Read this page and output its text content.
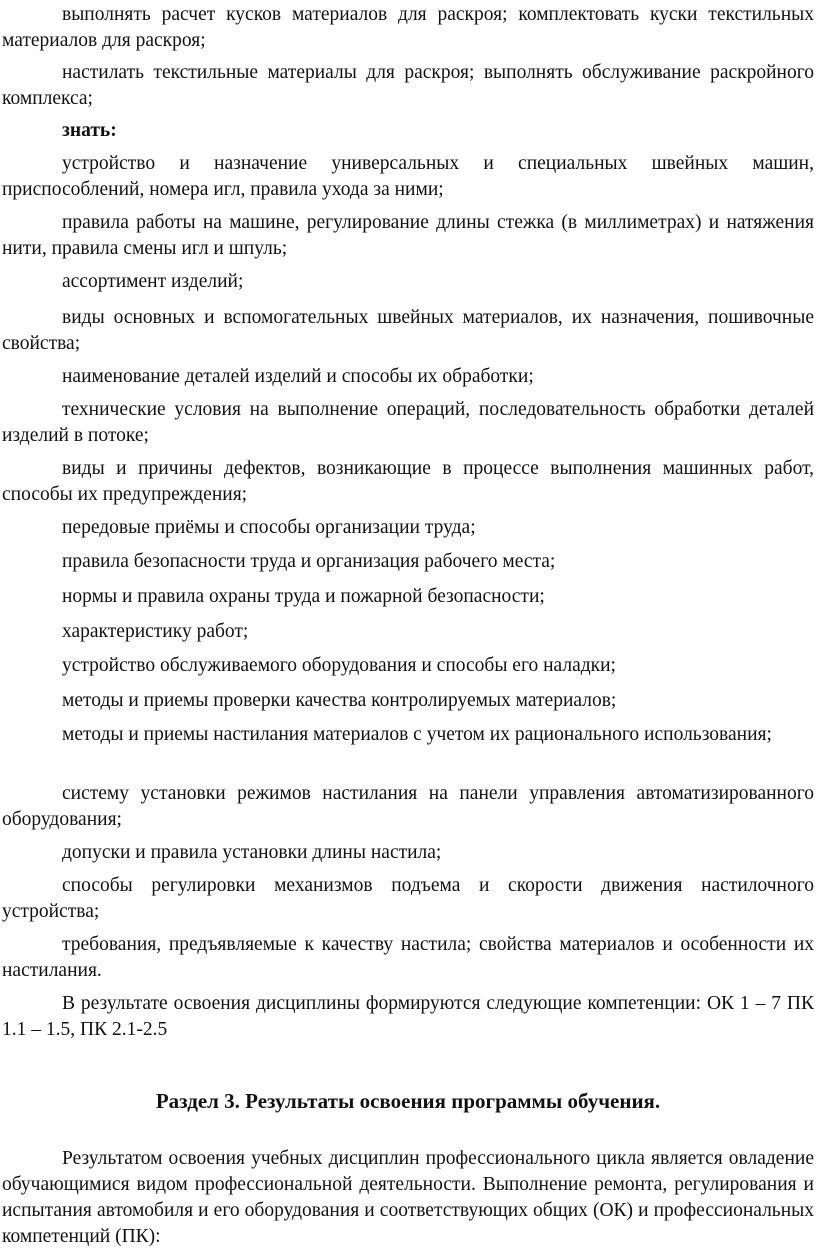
выполнять расчет кусков материалов для раскроя; комплектовать куски текстильных материалов для раскроя;

настилать текстильные материалы для раскроя; выполнять обслуживание раскройного комплекса;

знать:

устройство и назначение универсальных и специальных швейных машин, приспособлений, номера игл, правила ухода за ними;

правила работы на машине, регулирование длины стежка (в миллиметрах) и натяжения нити, правила смены игл и шпуль;

ассортимент изделий;

виды основных и вспомогательных швейных материалов, их назначения, пошивочные свойства;

наименование деталей изделий и способы их обработки;

технические условия на выполнение операций, последовательность обработки деталей изделий в потоке;

виды и причины дефектов, возникающие в процессе выполнения машинных работ, способы их предупреждения;

передовые приёмы и способы организации труда;

правила безопасности труда и организация рабочего места;

нормы и правила охраны труда и пожарной безопасности;

характеристику работ;

устройство обслуживаемого оборудования и способы его наладки;

методы и приемы проверки качества контролируемых материалов;

методы и приемы настилания материалов с учетом их рационального использования;

систему установки режимов настилания на панели управления автоматизированного оборудования;

допуски и правила установки длины настила;

способы регулировки механизмов подъема и скорости движения настилочного устройства;

требования, предъявляемые к качеству настила; свойства материалов и особенности их настилания.

В результате освоения дисциплины формируются следующие компетенции: ОК 1 – 7 ПК 1.1 – 1.5, ПК 2.1-2.5

Раздел 3. Результаты освоения программы обучения.

Результатом освоения учебных дисциплин профессионального цикла является овладение обучающимися видом профессиональной деятельности. Выполнение ремонта, регулирования и испытания автомобиля и его оборудования и соответствующих общих (ОК) и профессиональных компетенций (ПК):
